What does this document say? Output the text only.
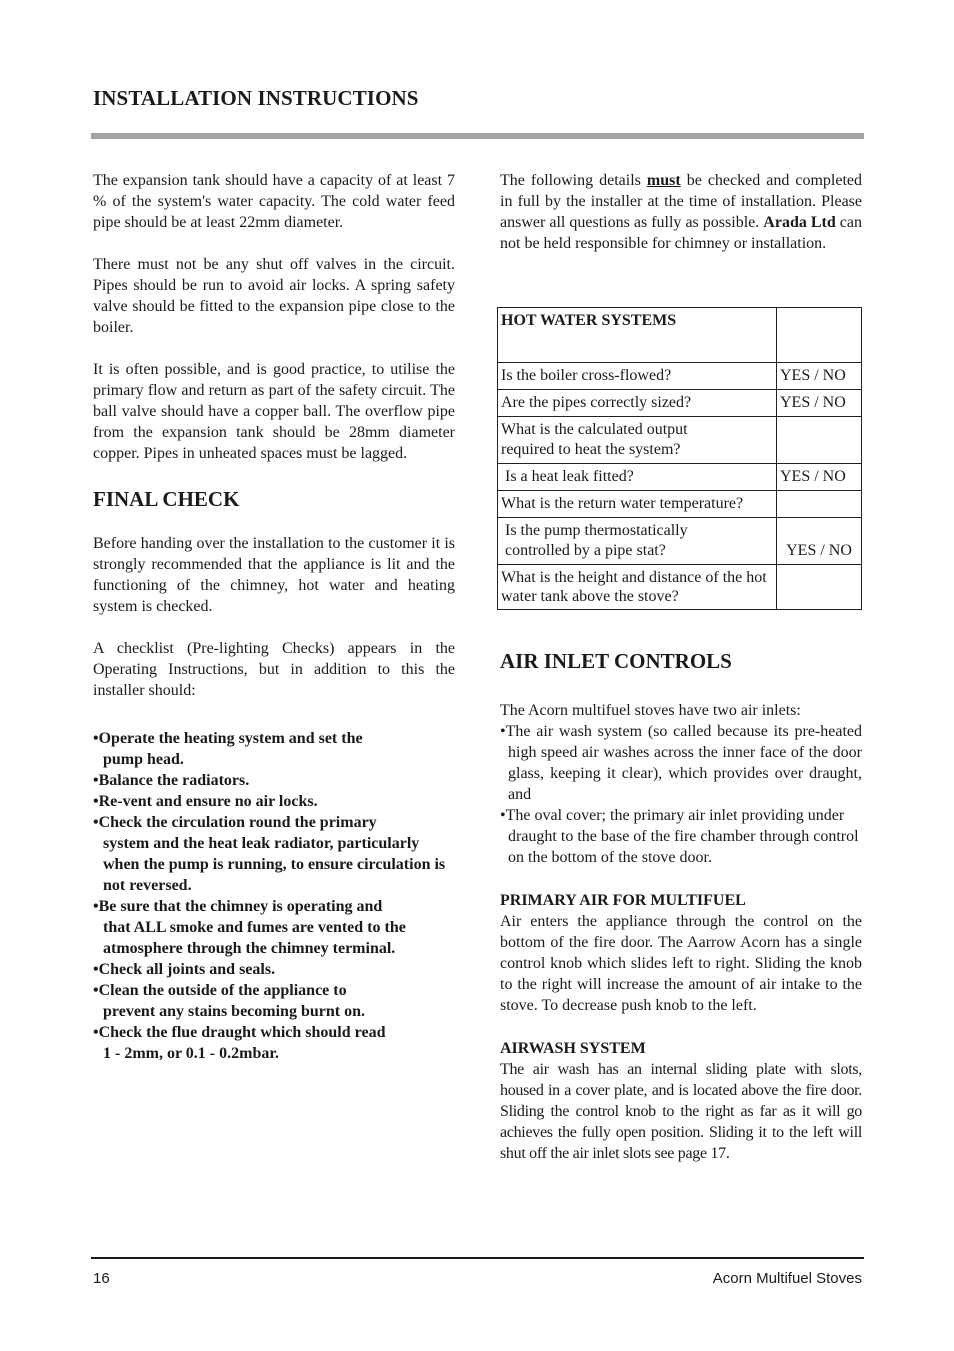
INSTALLATION INSTRUCTIONS

The expansion tank should have a capacity of at least 7 % of the system's water capacity. The cold water feed pipe should be at least 22mm diameter.

There must not be any shut off valves in the circuit. Pipes should be run to avoid air locks. A spring safety valve should be fitted to the expansion pipe close to the boiler.

It is often possible, and is good practice, to utilise the primary flow and return as part of the safety circuit. The ball valve should have a copper ball. The overflow pipe from the expansion tank should be 28mm diameter copper. Pipes in unheated spaces must be lagged.

FINAL CHECK

Before handing over the installation to the customer it is strongly recommended that the appliance is lit and the functioning of the chimney, hot water and heating system is checked.

A checklist (Pre-lighting Checks) appears in the Operating Instructions, but in addition to this the installer should:

•Operate the heating system and set the
pump head.
•Balance the radiators.
•Re-vent and ensure no air locks.
•Check the circulation round the primary
system and the heat leak radiator, particularly when the pump is running, to ensure circulation is not reversed.
•Be sure that the chimney is operating and
that ALL smoke and fumes are vented to the atmosphere through the chimney terminal.
•Check all joints and seals.
•Clean the outside of the appliance to
prevent any stains becoming burnt on.
•Check the flue draught which should read
1 - 2mm, or 0.1 - 0.2mbar.

The following details must be checked and completed in full by the installer at the time of installation. Please answer all questions as fully as possible. Arada Ltd can not be held responsible for chimney or installation.

HOT WATER SYSTEMS	
Is the boiler cross-flowed?	YES / NO
Are the pipes correctly sized?	YES / NO
What is the calculated output required to heat the system?	
Is a heat leak fitted?	YES / NO
What is the return water temperature?	
Is the pump thermostatically controlled by a pipe stat?	YES / NO
What is the height and distance of the hot water tank above the stove?	
AIR INLET CONTROLS

The Acorn multifuel stoves have two air inlets:

•The air wash system (so called because its pre-heated high speed air washes across the inner face of the door glass, keeping it clear), which provides over draught, and
•The oval cover; the primary air inlet providing under draught to the base of the fire chamber through control on the bottom of the stove door.
PRIMARY AIR FOR MULTIFUEL

Air enters the appliance through the control on the bottom of the fire door. The Aarrow Acorn has a single control knob which slides left to right. Sliding the knob to the right will increase the amount of air intake to the stove. To decrease push knob to the left.

AIRWASH SYSTEM

The air wash has an internal sliding plate with slots, housed in a cover plate, and is located above the fire door. Sliding the control knob to the right as far as it will go achieves the fully open position. Sliding it to the left will shut off the air inlet slots see page 17.

16	Acorn Multifuel Stoves
